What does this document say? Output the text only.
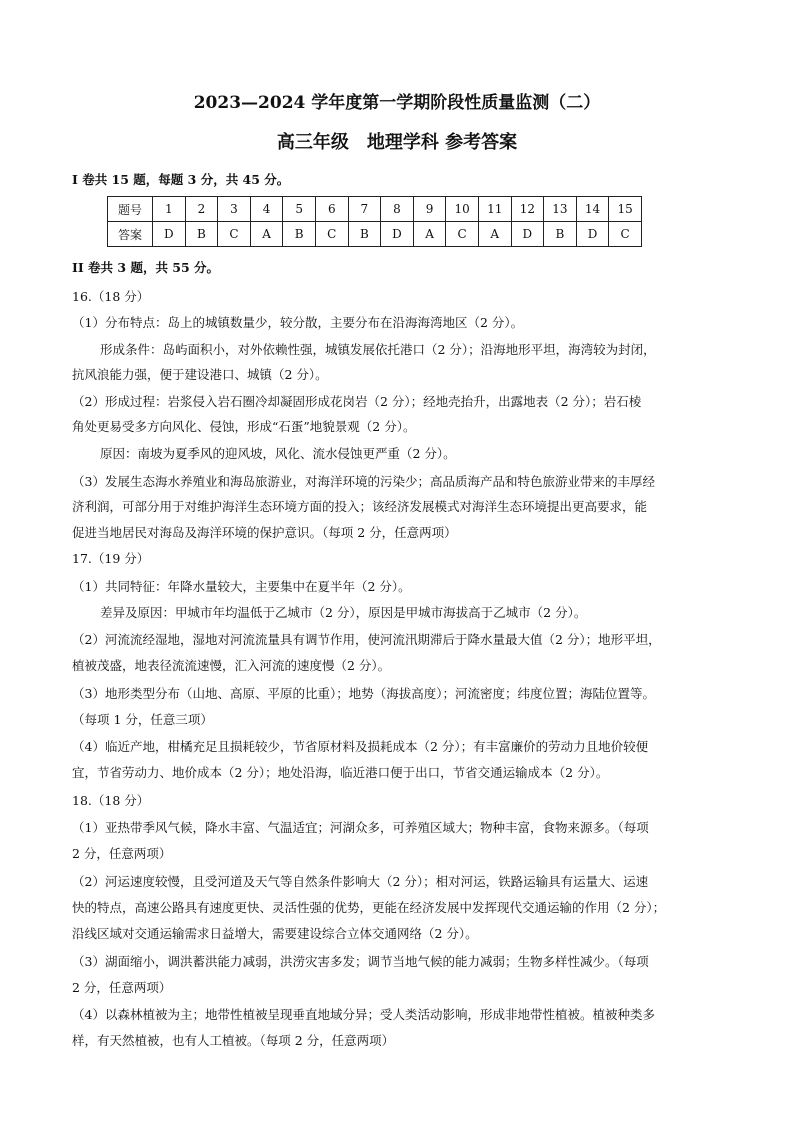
2023—2024 学年度第一学期阶段性质量监测（二）
高三年级　地理学科 参考答案
I 卷共 15 题，每题 3 分，共 45 分。
题号	1	2	3	4	5	6	7	8	9	10	11	12	13	14	15
答案	D	B	C	A	B	C	B	D	A	C	A	D	B	D	C
II 卷共 3 题，共 55 分。
16.（18 分）
（1）分布特点：岛上的城镇数量少，较分散，主要分布在沿海海湾地区（2 分）。
形成条件：岛屿面积小，对外依赖性强，城镇发展依托港口（2 分）；沿海地形平坦，海湾较为封闭，
抗风浪能力强，便于建设港口、城镇（2 分）。
（2）形成过程：岩浆侵入岩石圈冷却凝固形成花岗岩（2 分）；经地壳抬升，出露地表（2 分）；岩石棱
角处更易受多方向风化、侵蚀，形成“石蛋”地貌景观（2 分）。
原因：南坡为夏季风的迎风坡，风化、流水侵蚀更严重（2 分）。
（3）发展生态海水养殖业和海岛旅游业，对海洋环境的污染少；高品质海产品和特色旅游业带来的丰厚经
济利润，可部分用于对维护海洋生态环境方面的投入；该经济发展模式对海洋生态环境提出更高要求，能
促进当地居民对海岛及海洋环境的保护意识。（每项 2 分，任意两项）
17.（19 分）
（1）共同特征：年降水量较大，主要集中在夏半年（2 分）。
差异及原因：甲城市年均温低于乙城市（2 分），原因是甲城市海拔高于乙城市（2 分）。
（2）河流流经湿地，湿地对河流流量具有调节作用，使河流汛期滞后于降水量最大值（2 分）；地形平坦，
植被茂盛，地表径流流速慢，汇入河流的速度慢（2 分）。
（3）地形类型分布（山地、高原、平原的比重）；地势（海拔高度）；河流密度；纬度位置；海陆位置等。
（每项 1 分，任意三项）
（4）临近产地，柑橘充足且损耗较少，节省原材料及损耗成本（2 分）；有丰富廉价的劳动力且地价较便
宜，节省劳动力、地价成本（2 分）；地处沿海，临近港口便于出口，节省交通运输成本（2 分）。
18.（18 分）
（1）亚热带季风气候，降水丰富、气温适宜；河湖众多，可养殖区域大；物种丰富，食物来源多。（每项
2 分，任意两项）
（2）河运速度较慢，且受河道及天气等自然条件影响大（2 分）；相对河运，铁路运输具有运量大、运速
快的特点，高速公路具有速度更快、灵活性强的优势，更能在经济发展中发挥现代交通运输的作用（2 分）；
沿线区域对交通运输需求日益增大，需要建设综合立体交通网络（2 分）。
（3）湖面缩小，调洪蓄洪能力减弱，洪涝灾害多发；调节当地气候的能力减弱；生物多样性减少。（每项
2 分，任意两项）
（4）以森林植被为主；地带性植被呈现垂直地域分异；受人类活动影响，形成非地带性植被。植被种类多
样，有天然植被，也有人工植被。（每项 2 分，任意两项）
